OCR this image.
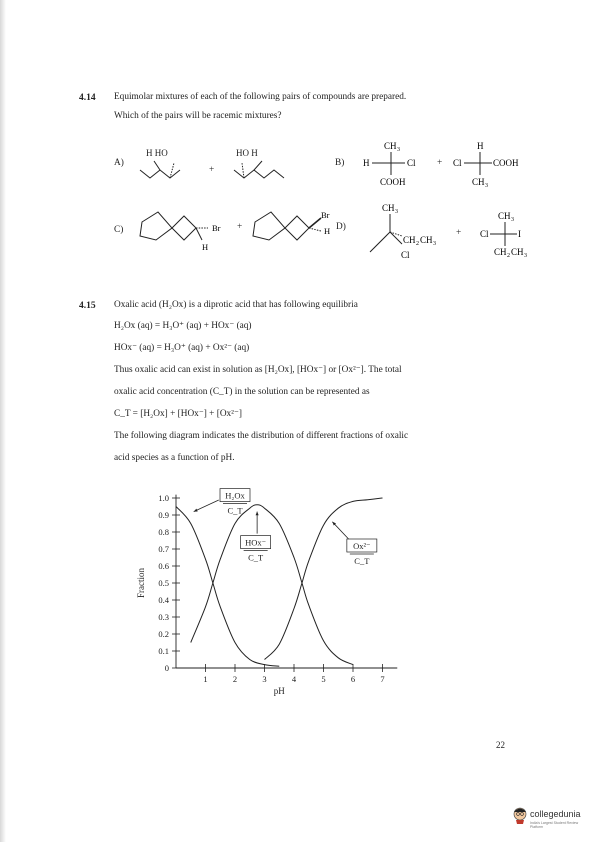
4.14 Equimolar mixtures of each of the following pairs of compounds are prepared.
Which of the pairs will be racemic mixtures?
A)
H HO
+
HO H
B)
CH 3
H	Cl
COOH
+
H
Cl	COOH
CH 3
C)	Br
H
+
Br
H D)
CH 3
CH 2 CH 3
Cl
+
CH 3
Cl	I
CH 2 CH 3
4.15 Oxalic acid (H₂Ox) is a diprotic acid that has following equilibria
H₂Ox (aq) = H₃O⁺ (aq) + HOx⁻ (aq)
HOx⁻ (aq) = H₃O⁺ (aq) + Ox²⁻ (aq)
Thus oxalic acid can exist in solution as [H₂Ox], [HOx⁻] or [Ox²⁻]. The total
oxalic acid concentration (C_T) in the solution can be represented as
C_T = [H₂Ox] + [HOx⁻] + [Ox²⁻]
The following diagram indicates the distribution of different fractions of oxalic
acid species as a function of pH.
1.0
0.9
0.8
0.7
0.6
0.5
0.4
0.3
0.2
0.1
0
1	2	3	4	5	6	7
pH
Fraction
H₂Ox
C_T
HOx⁻
C_T
Ox²⁻
C_T
22
collegedunia
India's Largest Student Review Platform
